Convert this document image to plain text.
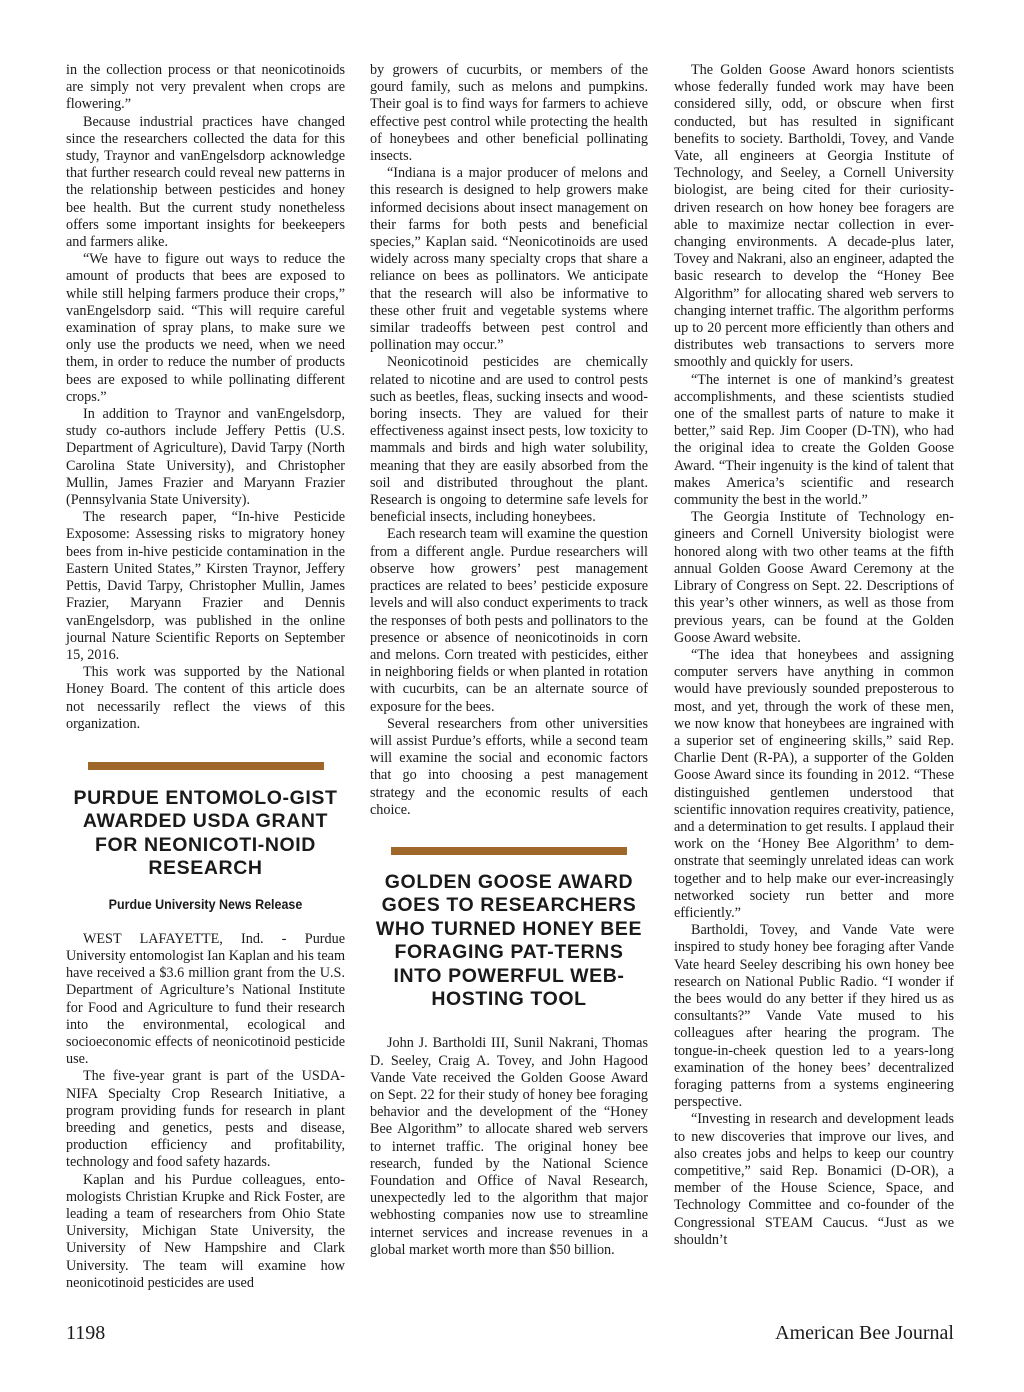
in the collection process or that neonicotinoids are simply not very prevalent when crops are flowering.”

Because industrial practices have changed since the researchers collected the data for this study, Traynor and vanEngelsdorp acknowledge that further research could reveal new patterns in the relationship between pesticides and honey bee health. But the current study nonetheless offers some important insights for beekeepers and farmers alike.

“We have to figure out ways to reduce the amount of products that bees are exposed to while still helping farmers produce their crops,” vanEngelsdorp said. “This will require careful examination of spray plans, to make sure we only use the products we need, when we need them, in order to reduce the number of products bees are exposed to while pollinating different crops.”

In addition to Traynor and vanEngelsdorp, study co-authors include Jeffery Pettis (U.S. Department of Agriculture), David Tarpy (North Carolina State University), and Christopher Mullin, James Frazier and Maryann Frazier (Pennsylvania State University).

The research paper, “In-hive Pesticide Exposome: Assessing risks to migratory honey bees from in-hive pesticide contamination in the Eastern United States,” Kirsten Traynor, Jeffery Pettis, David Tarpy, Christopher Mullin, James Frazier, Maryann Frazier and Dennis vanEngelsdorp, was published in the online journal Nature Scientific Reports on September 15, 2016.

This work was supported by the National Honey Board. The content of this article does not necessarily reflect the views of this organization.

PURDUE ENTOMOLO-GIST AWARDED USDA GRANT FOR NEONICOTI-NOID RESEARCH
Purdue University News Release

WEST LAFAYETTE, Ind. - Purdue University entomologist Ian Kaplan and his team have received a $3.6 million grant from the U.S. Department of Agriculture’s National Institute for Food and Agriculture to fund their research into the environmental, ecological and socioeconomic effects of neonicotinoid pesticide use.

The five-year grant is part of the USDA-NIFA Specialty Crop Research Initiative, a program providing funds for research in plant breeding and genetics, pests and disease, production efficiency and profitability, technology and food safety hazards.

Kaplan and his Purdue colleagues, entomologists Christian Krupke and Rick Foster, are leading a team of researchers from Ohio State University, Michigan State University, the University of New Hampshire and Clark University. The team will examine how neonicotinoid pesticides are used

by growers of cucurbits, or members of the gourd family, such as melons and pumpkins. Their goal is to find ways for farmers to achieve effective pest control while protecting the health of honeybees and other beneficial pollinating insects.

“Indiana is a major producer of melons and this research is designed to help growers make informed decisions about insect management on their farms for both pests and beneficial species,” Kaplan said. “Neonicotinoids are used widely across many specialty crops that share a reliance on bees as pollinators. We anticipate that the research will also be informative to these other fruit and vegetable systems where similar tradeoffs between pest control and pollination may occur.”

Neonicotinoid pesticides are chemically related to nicotine and are used to control pests such as beetles, fleas, sucking insects and wood-boring insects. They are valued for their effectiveness against insect pests, low toxicity to mammals and birds and high water solubility, meaning that they are easily absorbed from the soil and distributed throughout the plant. Research is ongoing to determine safe levels for beneficial insects, including honeybees.

Each research team will examine the question from a different angle. Purdue researchers will observe how growers’ pest management practices are related to bees’ pesticide exposure levels and will also conduct experiments to track the responses of both pests and pollinators to the presence or absence of neonicotinoids in corn and melons. Corn treated with pesticides, either in neighboring fields or when planted in rotation with cucurbits, can be an alternate source of exposure for the bees.

Several researchers from other universities will assist Purdue’s efforts, while a second team will examine the social and economic factors that go into choosing a pest management strategy and the economic results of each choice.

GOLDEN GOOSE AWARD GOES TO RESEARCHERS WHO TURNED HONEY BEE FORAGING PAT-TERNS INTO POWERFUL WEB-HOSTING TOOL

John J. Bartholdi III, Sunil Nakrani, Thomas D. Seeley, Craig A. Tovey, and John Hagood Vande Vate received the Golden Goose Award on Sept. 22 for their study of honey bee foraging behavior and the development of the “Honey Bee Algorithm” to allocate shared web servers to internet traffic. The original honey bee research, funded by the National Science Foundation and Office of Naval Research, unexpectedly led to the algorithm that major webhosting companies now use to streamline internet services and increase revenues in a global market worth more than $50 billion.

The Golden Goose Award honors scientists whose federally funded work may have been considered silly, odd, or obscure when first conducted, but has resulted in significant benefits to society. Bartholdi, Tovey, and Vande Vate, all engineers at Georgia Institute of Technology, and Seeley, a Cornell University biologist, are being cited for their curiosity-driven research on how honey bee foragers are able to maximize nectar collection in ever-changing environments. A decade-plus later, Tovey and Nakrani, also an engineer, adapted the basic research to develop the “Honey Bee Algorithm” for allocating shared web servers to changing internet traffic. The algorithm performs up to 20 percent more efficiently than others and distributes web transactions to servers more smoothly and quickly for users.

“The internet is one of mankind’s greatest accomplishments, and these scientists studied one of the smallest parts of nature to make it better,” said Rep. Jim Cooper (D-TN), who had the original idea to create the Golden Goose Award. “Their ingenuity is the kind of talent that makes America’s scientific and research community the best in the world.”

The Georgia Institute of Technology engineers and Cornell University biologist were honored along with two other teams at the fifth annual Golden Goose Award Ceremony at the Library of Congress on Sept. 22. Descriptions of this year’s other winners, as well as those from previous years, can be found at the Golden Goose Award website.

“The idea that honeybees and assigning computer servers have anything in common would have previously sounded preposterous to most, and yet, through the work of these men, we now know that honeybees are ingrained with a superior set of engineering skills,” said Rep. Charlie Dent (R-PA), a supporter of the Golden Goose Award since its founding in 2012. “These distinguished gentlemen understood that scientific innovation requires creativity, patience, and a determination to get results. I applaud their work on the ‘Honey Bee Algorithm’ to demonstrate that seemingly unrelated ideas can work together and to help make our ever-increasingly networked society run better and more efficiently.”

Bartholdi, Tovey, and Vande Vate were inspired to study honey bee foraging after Vande Vate heard Seeley describing his own honey bee research on National Public Radio. “I wonder if the bees would do any better if they hired us as consultants?” Vande Vate mused to his colleagues after hearing the program. The tongue-in-cheek question led to a years-long examination of the honey bees’ decentralized foraging patterns from a systems engineering perspective.

“Investing in research and development leads to new discoveries that improve our lives, and also creates jobs and helps to keep our country competitive,” said Rep. Bonamici (D-OR), a member of the House Science, Space, and Technology Committee and co-founder of the Congressional STEAM Caucus. “Just as we shouldn’t

1198	American Bee Journal
